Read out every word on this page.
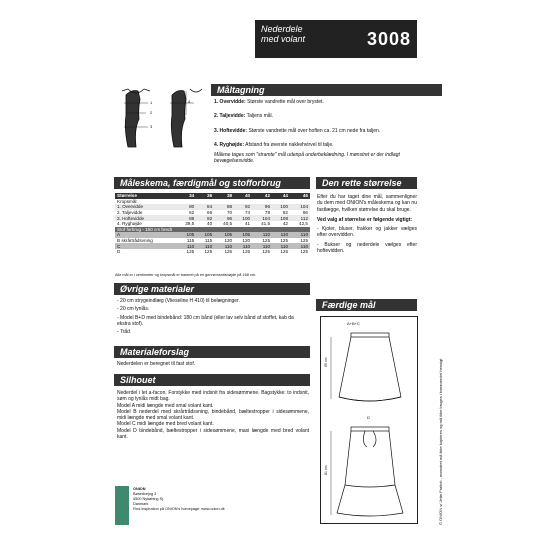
Nederdele
med volant	3008
1
2
3
4
Måltagning
1. Overvidde: Største vandrette mål over brystet.
2. Taljevidde: Taljens mål.
3. Hoftevidde: Største vandrette mål over hoften ca. 21 cm nede fra taljen.
4. Ryghøjde: Afstand fra øverste nakkehvirvel til talje.
Målene tages som "stramte" mål udenpå underbeklædning. I mønstret er der indlagt bevægelsesvidde.
Måleskema, færdigmål og stofforbrug
Størrelse	34	36	38	40	42	44	46
Kropsmål:							
1. Overvidde	80	84	88	92	96	100	104
2. Taljevidde	62	66	70	74	78	82	86
3. Hoftevidde	88	92	96	100	104	108	112
4. Ryghøjde	39,5	40	40,5	41	41,5	42	42,5
Stof forbrug - 150 cm bredt							
A	105	105	105	105	110	110	110
B skrårtrådsvning	115	115	120	120	125	125	125
C	110	110	110	110	110	110	110
D	125	125	125	125	125	125	125
Alle mål er i centimeter og kropsmål er baseret på en gennemsnitshøjde på 168 cm.
Øvrige materialer
- 20 cm strygeindlæg (Vlieseline H 410) til belægninger.
- 20 cm lynlås.
- Model B+D med bindebånd: 180 cm bånd (eller lav selv bånd af stoffet, kab da ekstra stof).
- Tråd.
Materialeforslag
Nederdelen er beregnet til fast stof.
Silhouet
Nederdel i let a-facon. Forstykke med indsnit fra sidesømmene. Bagstykke: to indsnit, søm og lynlås midt bag.
Model A midi længde med smal volant kant.
Model B nederdel med skrårtrådsvning, bindebånd, bæltestropper i sidesømmene, midi længde med smal volant kant.
Model C midi længde med bred volant kant.
Model D bindebånd, bæltestropper i sidesømmene, maxi længde med bred volant kant.
Den rette størrelse
Efter du har taget dine mål, sammenligner du dem med ONION's måleskema og kan nu fastlægge, hvilken størrelse du skal bruge.
Ved valg af størrelse er følgende vigtigt:
- Kjoler, bluser, frakker og jakker vælges efter overvidden.
- Bukser og nederdele vælges efter hoftevidden.
Færdige mål
A+B+C
D
69 cm
81 cm
ONION
Bøsedvejng 3
4500 Nykøbing Sj
Danmark
Find inspiration på ONION's homepage: www.onion.dk	© ONION v/ Jette Frølich - mønstret må ikke kopieres og må ikke bruges i kommerciel hensigt
